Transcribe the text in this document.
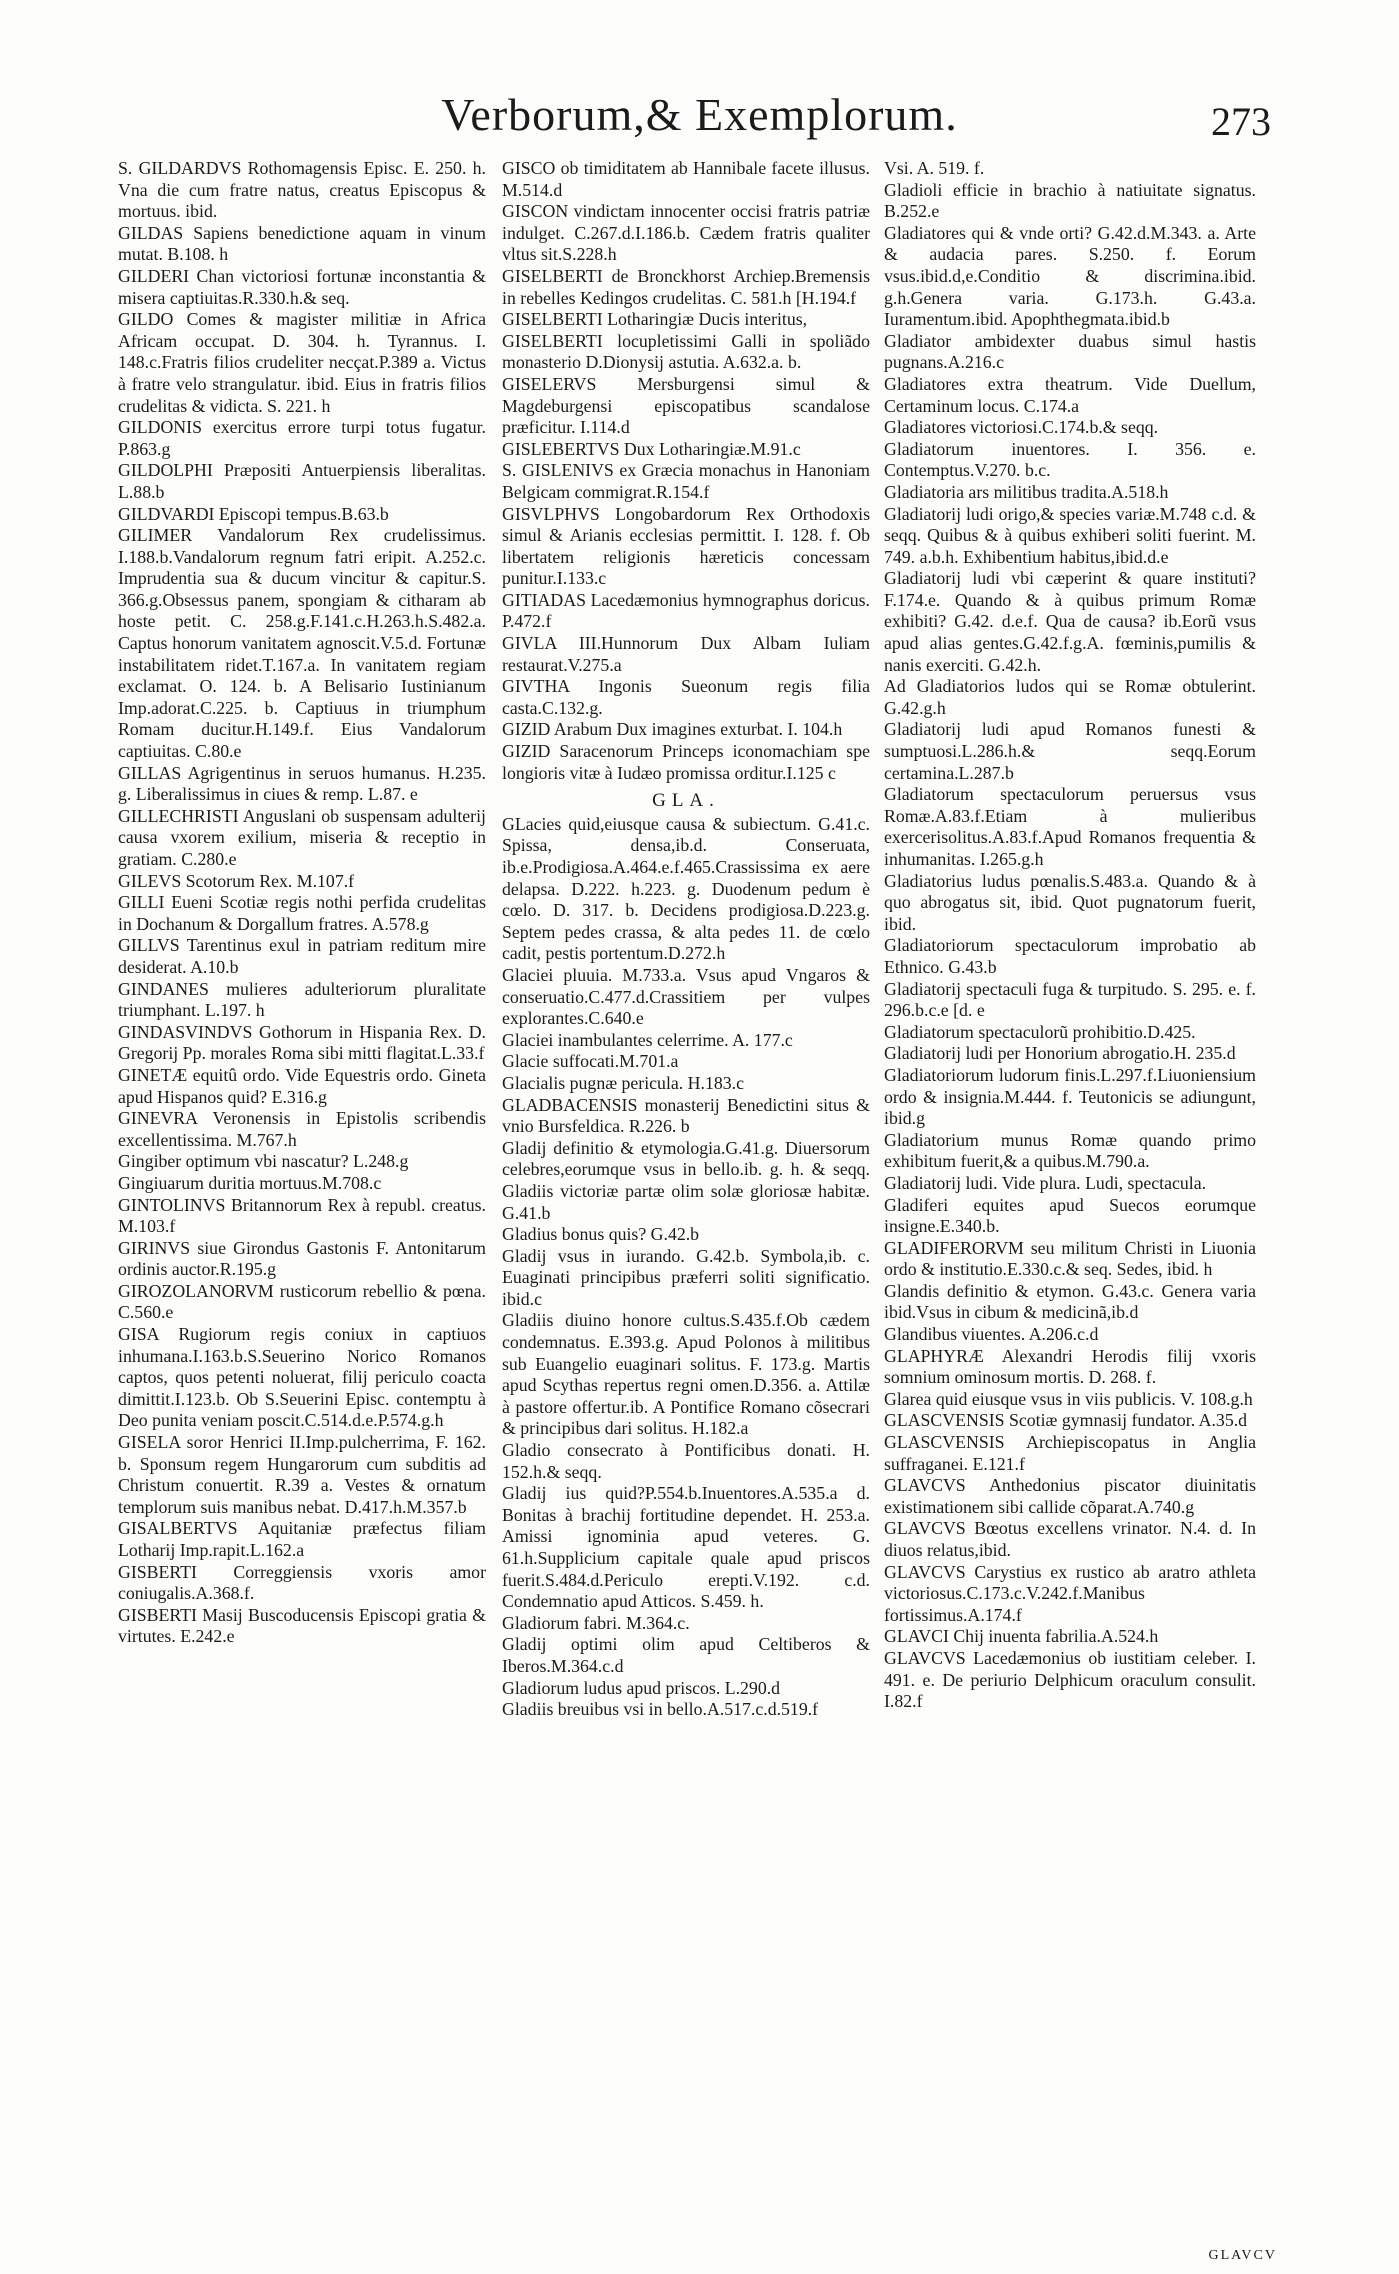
Verborum,& Exemplorum.	273

S. GILDARDVS Rothomagensis Episc. E. 250. h. Vna die cum fratre natus, creatus Episcopus & mortuus. ibid.

GILDAS Sapiens benedictione aquam in vinum mutat. B.108. h

GILDERI Chan victoriosi fortunæ inconstantia & misera captiuitas.R.330.h.& seq.

GILDO Comes & magister militiæ in Africa Africam occupat. D. 304. h. Tyrannus. I. 148.c.Fratris filios crudeliter necçat.P.389 a. Victus à fratre velo strangulatur. ibid. Eius in fratris filios crudelitas & vidicta. S. 221. h

GILDONIS exercitus errore turpi totus fugatur. P.863.g

GILDOLPHI Præpositi Antuerpiensis liberalitas. L.88.b

GILDVARDI Episcopi tempus.B.63.b

GILIMER Vandalorum Rex crudelissimus. I.188.b.Vandalorum regnum fatri eripit. A.252.c. Imprudentia sua & ducum vincitur & capitur.S. 366.g.Obsessus panem, spongiam & citharam ab hoste petit. C. 258.g.F.141.c.H.263.h.S.482.a. Captus honorum vanitatem agnoscit.V.5.d. Fortunæ instabilitatem ridet.T.167.a. In vanitatem regiam exclamat. O. 124. b. A Belisario Iustinianum Imp.adorat.C.225. b. Captiuus in triumphum Romam ducitur.H.149.f. Eius Vandalorum captiuitas. C.80.e

GILLAS Agrigentinus in seruos humanus. H.235. g. Liberalissimus in ciues & remp. L.87. e

GILLECHRISTI Anguslani ob suspensam adulterij causa vxorem exilium, miseria & receptio in gratiam. C.280.e

GILEVS Scotorum Rex. M.107.f

GILLI Eueni Scotiæ regis nothi perfida crudelitas in Dochanum & Dorgallum fratres. A.578.g

GILLVS Tarentinus exul in patriam reditum mire desiderat. A.10.b

GINDANES mulieres adulteriorum pluralitate triumphant. L.197. h

GINDASVINDVS Gothorum in Hispania Rex. D. Gregorij Pp. morales Roma sibi mitti flagitat.L.33.f

GINETÆ equitû ordo. Vide Equestris ordo. Gineta apud Hispanos quid? E.316.g

GINEVRA Veronensis in Epistolis scribendis excellentissima. M.767.h

Gingiber optimum vbi nascatur? L.248.g

Gingiuarum duritia mortuus.M.708.c

GINTOLINVS Britannorum Rex à republ. creatus. M.103.f

GIRINVS siue Girondus Gastonis F. Antonitarum ordinis auctor.R.195.g

GIROZOLANORVM rusticorum rebellio & pœna. C.560.e

GISA Rugiorum regis coniux in captiuos inhumana.I.163.b.S.Seuerino Norico Romanos captos, quos petenti noluerat, filij periculo coacta dimittit.I.123.b. Ob S.Seuerini Episc. contemptu à Deo punita veniam poscit.C.514.d.e.P.574.g.h

GISELA soror Henrici II.Imp.pulcherrima, F. 162. b. Sponsum regem Hungarorum cum subditis ad Christum conuertit. R.39 a. Vestes & ornatum templorum suis manibus nebat. D.417.h.M.357.b

GISALBERTVS Aquitaniæ præfectus filiam Lotharij Imp.rapit.L.162.a

GISBERTI Correggiensis vxoris amor coniugalis.A.368.f.

GISBERTI Masij Buscoducensis Episcopi gratia & virtutes. E.242.e

GISCO ob timiditatem ab Hannibale facete illusus. M.514.d

GISCON vindictam innocenter occisi fratris patriæ indulget. C.267.d.I.186.b. Cædem fratris qualiter vltus sit.S.228.h

GISELBERTI de Bronckhorst Archiep.Bremensis in rebelles Kedingos crudelitas. C. 581.h [H.194.f

GISELBERTI Lotharingiæ Ducis interitus,

GISELBERTI locupletissimi Galli in spoliãdo monasterio D.Dionysij astutia. A.632.a. b.

GISELERVS Mersburgensi simul & Magdeburgensi episcopatibus scandalose præficitur. I.114.d

GISLEBERTVS Dux Lotharingiæ.M.91.c

S. GISLENIVS ex Græcia monachus in Hanoniam Belgicam commigrat.R.154.f

GISVLPHVS Longobardorum Rex Orthodoxis simul & Arianis ecclesias permittit. I. 128. f. Ob libertatem religionis hæreticis concessam punitur.I.133.c

GITIADAS Lacedæmonius hymnographus doricus. P.472.f

GIVLA III.Hunnorum Dux Albam Iuliam restaurat.V.275.a

GIVTHA Ingonis Sueonum regis filia casta.C.132.g.

GIZID Arabum Dux imagines exturbat. I. 104.h

GIZID Saracenorum Princeps iconomachiam spe longioris vitæ à Iudæo promissa orditur.I.125 c

GLA.

GLacies quid,eiusque causa & subiectum. G.41.c. Spissa, densa,ib.d. Conseruata, ib.e.Prodigiosa.A.464.e.f.465.Crassissima ex aere delapsa. D.222. h.223. g. Duodenum pedum è cœlo. D. 317. b. Decidens prodigiosa.D.223.g. Septem pedes crassa, & alta pedes 11. de cœlo cadit, pestis portentum.D.272.h

Glaciei pluuia. M.733.a. Vsus apud Vngaros & conseruatio.C.477.d.Crassitiem per vulpes explorantes.C.640.e

Glaciei inambulantes celerrime. A. 177.c

Glacie suffocati.M.701.a

Glacialis pugnæ pericula. H.183.c

GLADBACENSIS monasterij Benedictini situs & vnio Bursfeldica. R.226. b

Gladij definitio & etymologia.G.41.g. Diuersorum celebres,eorumque vsus in bello.ib. g. h. & seqq. Gladiis victoriæ partæ olim solæ gloriosæ habitæ. G.41.b

Gladius bonus quis? G.42.b

Gladij vsus in iurando. G.42.b. Symbola,ib. c. Euaginati principibus præferri soliti significatio. ibid.c

Gladiis diuino honore cultus.S.435.f.Ob cædem condemnatus. E.393.g. Apud Polonos à militibus sub Euangelio euaginari solitus. F. 173.g. Martis apud Scythas repertus regni omen.D.356. a. Attilæ à pastore offertur.ib. A Pontifice Romano cõsecrari & principibus dari solitus. H.182.a

Gladio consecrato à Pontificibus donati. H. 152.h.& seqq.

Gladij ius quid?P.554.b.Inuentores.A.535.a d. Bonitas à brachij fortitudine dependet. H. 253.a. Amissi ignominia apud veteres. G. 61.h.Supplicium capitale quale apud priscos fuerit.S.484.d.Periculo erepti.V.192. c.d. Condemnatio apud Atticos. S.459. h.

Gladiorum fabri. M.364.c.

Gladij optimi olim apud Celtiberos & Iberos.M.364.c.d

Gladiorum ludus apud priscos. L.290.d

Gladiis breuibus vsi in bello.A.517.c.d.519.f

Vsi. A. 519. f.

Gladioli efficie in brachio à natiuitate signatus. B.252.e

Gladiatores qui & vnde orti? G.42.d.M.343. a. Arte & audacia pares. S.250. f. Eorum vsus.ibid.d,e.Conditio & discrimina.ibid. g.h.Genera varia. G.173.h. G.43.a. Iuramentum.ibid. Apophthegmata.ibid.b

Gladiator ambidexter duabus simul hastis pugnans.A.216.c

Gladiatores extra theatrum. Vide Duellum, Certaminum locus. C.174.a

Gladiatores victoriosi.C.174.b.& seqq.

Gladiatorum inuentores. I. 356. e. Contemptus.V.270. b.c.

Gladiatoria ars militibus tradita.A.518.h

Gladiatorij ludi origo,& species variæ.M.748 c.d. & seqq. Quibus & à quibus exhiberi soliti fuerint. M. 749. a.b.h. Exhibentium habitus,ibid.d.e

Gladiatorij ludi vbi cæperint & quare instituti? F.174.e. Quando & à quibus primum Romæ exhibiti? G.42. d.e.f. Qua de causa? ib.Eorũ vsus apud alias gentes.G.42.f.g.A. fœminis,pumilis & nanis exerciti. G.42.h.

Ad Gladiatorios ludos qui se Romæ obtulerint. G.42.g.h

Gladiatorij ludi apud Romanos funesti & sumptuosi.L.286.h.& seqq.Eorum certamina.L.287.b

Gladiatorum spectaculorum peruersus vsus Romæ.A.83.f.Etiam à mulieribus exercerisolitus.A.83.f.Apud Romanos frequentia & inhumanitas. I.265.g.h

Gladiatorius ludus pœnalis.S.483.a. Quando & à quo abrogatus sit, ibid. Quot pugnatorum fuerit, ibid.

Gladiatoriorum spectaculorum improbatio ab Ethnico. G.43.b

Gladiatorij spectaculi fuga & turpitudo. S. 295. e. f. 296.b.c.e [d. e

Gladiatorum spectaculorũ prohibitio.D.425.

Gladiatorij ludi per Honorium abrogatio.H. 235.d

Gladiatoriorum ludorum finis.L.297.f.Liuoniensium ordo & insignia.M.444. f. Teutonicis se adiungunt, ibid.g

Gladiatorium munus Romæ quando primo exhibitum fuerit,& a quibus.M.790.a.

Gladiatorij ludi. Vide plura. Ludi, spectacula.

Gladiferi equites apud Suecos eorumque insigne.E.340.b.

GLADIFERORVM seu militum Christi in Liuonia ordo & institutio.E.330.c.& seq. Sedes, ibid. h

Glandis definitio & etymon. G.43.c. Genera varia ibid.Vsus in cibum & medicinã,ib.d

Glandibus viuentes. A.206.c.d

GLAPHYRÆ Alexandri Herodis filij vxoris somnium ominosum mortis. D. 268. f.

Glarea quid eiusque vsus in viis publicis. V. 108.g.h

GLASCVENSIS Scotiæ gymnasij fundator. A.35.d

GLASCVENSIS Archiepiscopatus in Anglia suffraganei. E.121.f

GLAVCVS Anthedonius piscator diuinitatis existimationem sibi callide cõparat.A.740.g

GLAVCVS Bœotus excellens vrinator. N.4. d. In diuos relatus,ibid.

GLAVCVS Carystius ex rustico ab aratro athleta victoriosus.C.173.c.V.242.f.Manibus fortissimus.A.174.f

GLAVCI Chij inuenta fabrilia.A.524.h

GLAVCVS Lacedæmonius ob iustitiam celeber. I. 491. e. De periurio Delphicum oraculum consulit. I.82.f

GLAVCV
